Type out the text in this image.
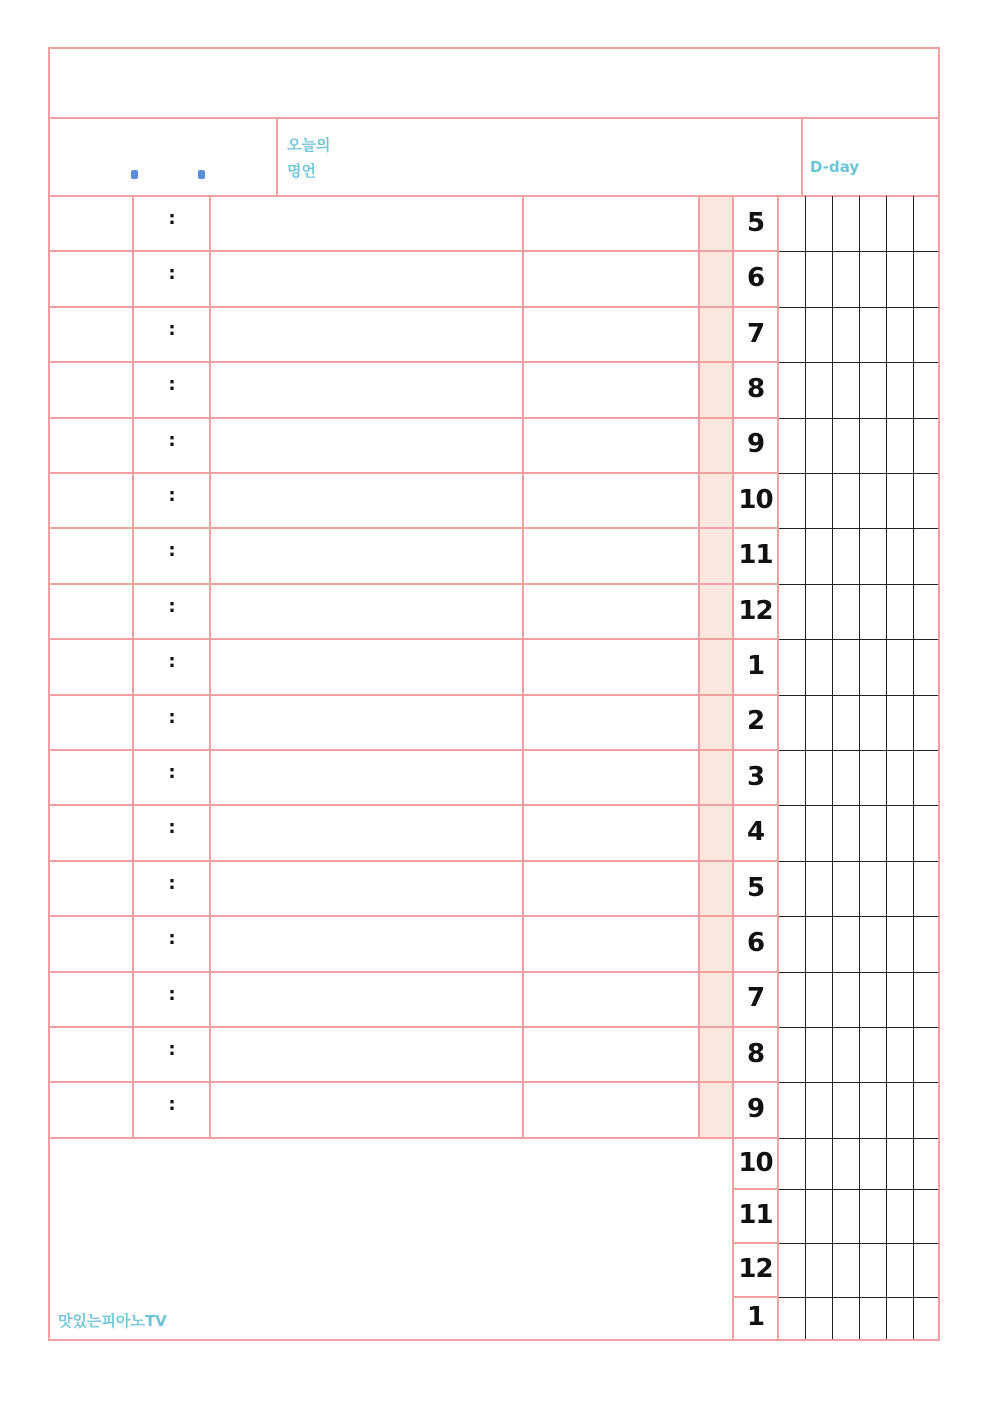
오늘의
명언	D-day
:
:
:
:
:
:
:
:
:
:
:
:
:
:
:
:
:
5
6
7
8
9
10
11
12
1
2
3
4
5
6
7
8
9
10
11
12
1
맛있는피아노TV
